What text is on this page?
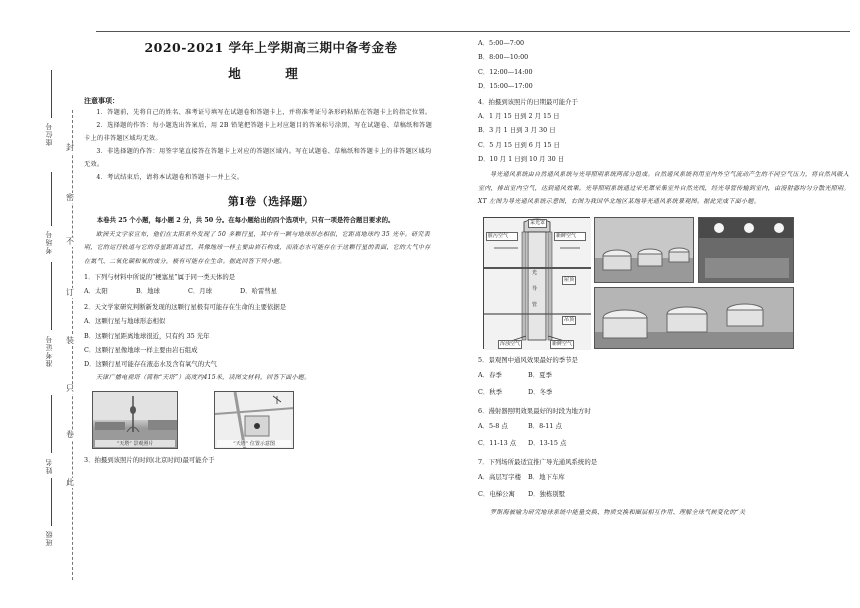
封
密
不
订
装
只
卷
此
座位号
考场号
准考证号
姓名
班级
2020-2021 学年上学期高三期中备考金卷
地　理
注意事项：
1．答题前，先将自己的姓名、准考证号填写在试题卷和答题卡上，并将准考证号条形码粘贴在答题卡上的指定位置。
2．选择题的作答：每小题选出答案后，用 2B 铅笔把答题卡上对应题目的答案标号涂黑，写在试题卷、草稿纸和答题卡上的非答题区域均无效。
3．非选择题的作答：用签字笔直接答在答题卡上对应的答题区域内。写在试题卷、草稿纸和答题卡上的非答题区域均无效。
4．考试结束后，请将本试题卷和答题卡一并上交。
第Ⅰ卷（选择题）
本卷共 25 个小题，每小题 2 分，共 50 分。在每小题给出的四个选项中，只有一项是符合题目要求的。
欧洲天文学家宣布，他们在太阳系外发现了 50 多颗行星，其中有一颗与地球形态相似，它距离地球约 35 光年。研究表明，它的运行轨道与它的母星距离适宜，其像地球一样主要由岩石构成，而液态水可能存在于这颗行星的表面，它的大气中存在氮气、二氧化碳和氧的成分，极有可能存在生命。据此回答下列小题。
1．下列与材料中所说的“梗塞星”属于同一类天体的是
A．太阳	B．地球	C．月球	D．哈雷彗星
2．天文学家研究判断新发现的这颗行星极有可能存在生命的主要依据是
A．这颗行星与地球形态相似
B．这颗行星距离地球很近，只有约 35 光年
C．这颗行星像地球一样主要由岩石组成
D．这颗行星可能存在液态水及含有氧气的大气
天津广播电视塔（简称“天塔”）高度约415米，读图文材料，回答下面小题。
“天塔” 景观照片	“天塔” 位置示意图
3．拍摄到该照片的时间(北京时间)最可能介于
A．5:00—7:00
B．8:00—10:00
C．12:00—14:00
D．15:00—17:00
4．拍摄到该照片的日期最可能介于
A．1 月 15 日到 2 月 15 日
B．3 月 1 日到 3 月 30 日
C．5 月 15 日到 6 月 15 日
D．10 月 1 日到 10 月 30 日
导光通风系统由自然通风系统与光导照明系统两部分组成。自然通风系统利用室内外空气流动产生的不同空气压力，将自然风吸入室内，排出室内空气，达到通风效果。光导照明系统通过采光罩采集室外自然光线，经光导管传输到室内，由漫射器均匀分散光照明。XT 左图为导光通风系统示意图，右图为我国华北地区某地导光通风系统景观图。据此完成下面小题。
采光罩
脏污空气	新鲜空气
光
导
管
屋顶
吊顶
浑浊空气	新鲜空气
5．景观图中通风效果最好的季节是
A．春季	B．夏季
C．秋季	D．冬季
6．漫射器照明效果最好的时段为地方时
A．5-8 点	B．8-11 点
C．11-13 点	D．13-15 点
7．下列场所最适宜推广导光通风系统的是
A．高层写字楼	B．地下车库
C．电梯公寓	D．独栋别墅
罗斯海被喻为研究地球系统中能量交换、物质交换和圈层相互作用、理解全球气候变化的“关
